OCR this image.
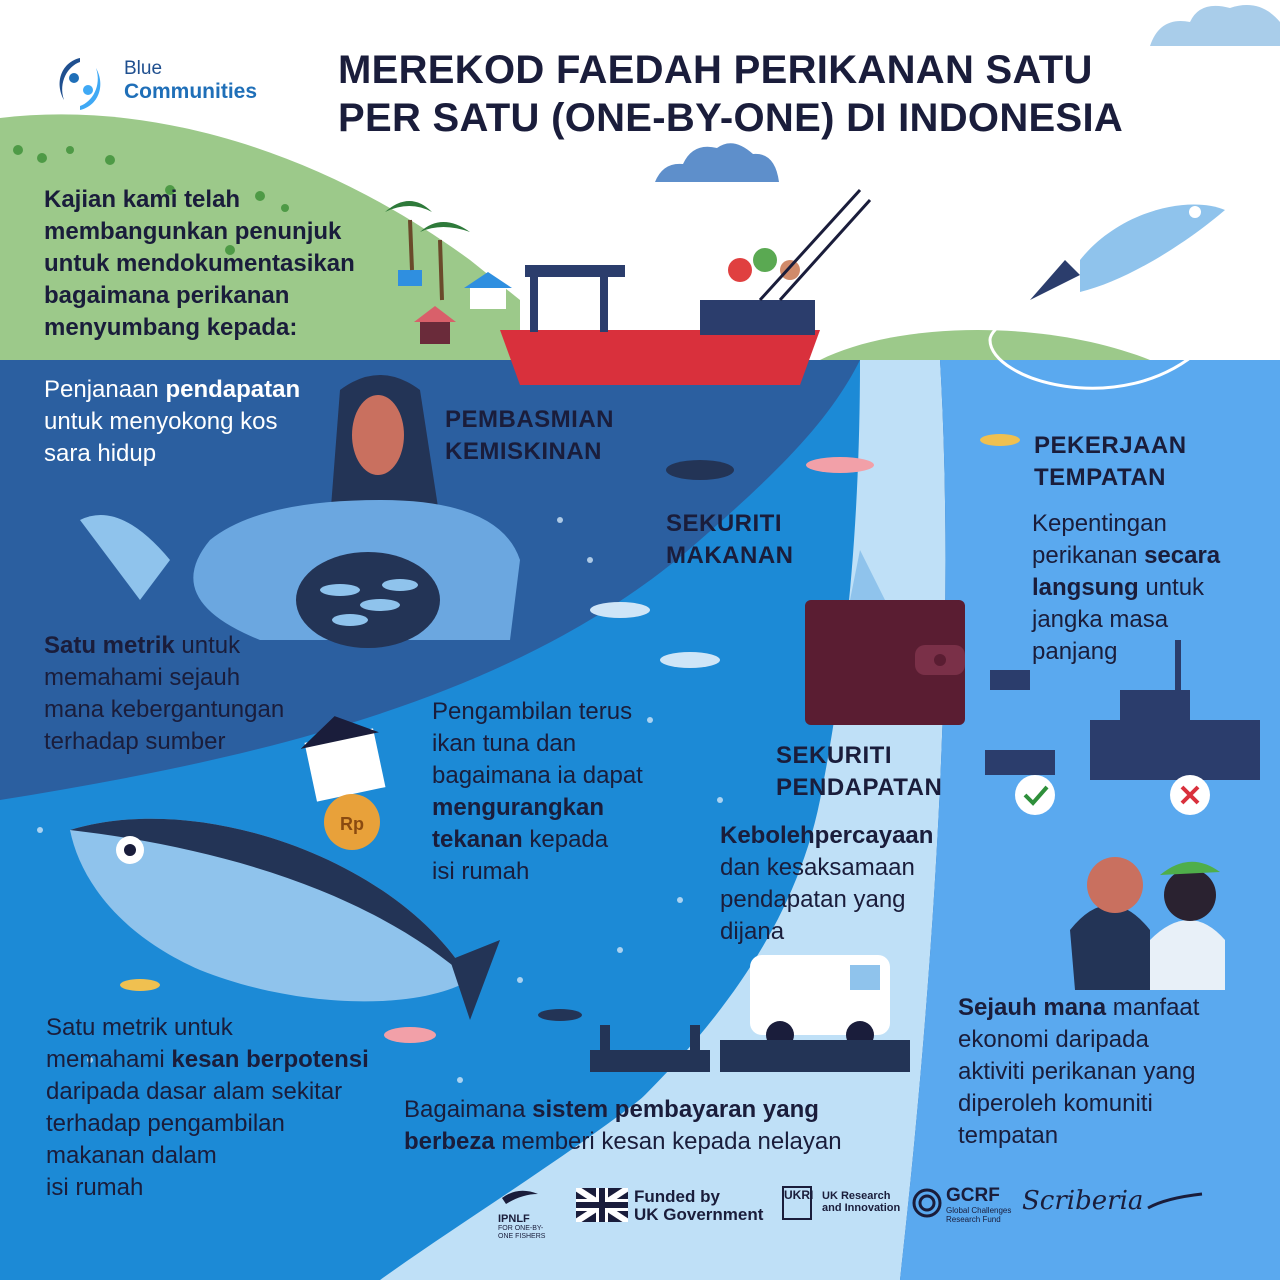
Blue

Communities MEREKOD FAEDAH PERIKANAN SATU
PER SATU (ONE-BY-ONE) DI INDONESIA
Kajian kami telah
membangunkan penunjuk
untuk mendokumentasikan
bagaimana perikanan
menyumbang kepada:
Penjanaan pendapatan
untuk menyokong kos
sara hidup
PEMBASMIAN
KEMISKINAN
Satu metrik untuk
memahami sejauh
mana kebergantungan
terhadap sumber
SEKURITI
MAKANAN
Pengambilan terus
ikan tuna dan
bagaimana ia dapat
mengurangkan
tekanan kepada
isi rumah
PEKERJAAN
TEMPATAN
Kepentingan
perikanan secara
langsung untuk
jangka masa
panjang
SEKURITI
PENDAPATAN
Kebolehpercayaan
dan kesaksamaan
pendapatan yang
dijana
Satu metrik untuk
memahami kesan berpotensi
daripada dasar alam sekitar
terhadap pengambilan
makanan dalam
isi rumah
Bagaimana sistem pembayaran yang
berbeza memberi kesan kepada nelayan
Sejauh mana manfaat
ekonomi daripada
aktiviti perikanan yang
diperoleh komuniti
tempatan
Rp

IPNLF

FOR ONE-BY-ONE FISHERS

Funded by

UK Government

UKRI UK Research

and Innovation

GCRF

Global Challenges

Research Fund

Scriberia
